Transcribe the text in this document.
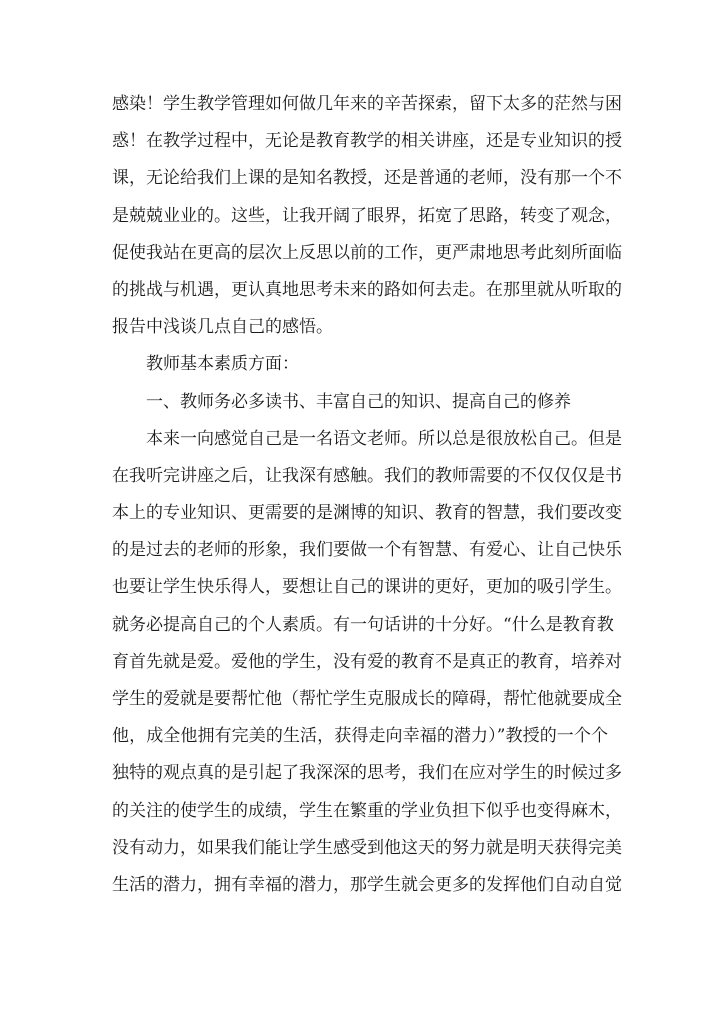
感染！学生教学管理如何做几年来的辛苦探索，留下太多的茫然与困
惑！在教学过程中，无论是教育教学的相关讲座，还是专业知识的授
课，无论给我们上课的是知名教授，还是普通的老师，没有那一个不
是兢兢业业的。这些，让我开阔了眼界，拓宽了思路，转变了观念，
促使我站在更高的层次上反思以前的工作，更严肃地思考此刻所面临
的挑战与机遇，更认真地思考未来的路如何去走。在那里就从听取的
报告中浅谈几点自己的感悟。
　　教师基本素质方面：
　　一、教师务必多读书、丰富自己的知识、提高自己的修养
　　本来一向感觉自己是一名语文老师。所以总是很放松自己。但是
在我听完讲座之后，让我深有感触。我们的教师需要的不仅仅仅是书
本上的专业知识、更需要的是渊博的知识、教育的智慧，我们要改变
的是过去的老师的形象，我们要做一个有智慧、有爱心、让自己快乐
也要让学生快乐得人，要想让自己的课讲的更好，更加的吸引学生。
就务必提高自己的个人素质。有一句话讲的十分好。“什么是教育教
育首先就是爱。爱他的学生，没有爱的教育不是真正的教育，培养对
学生的爱就是要帮忙他（帮忙学生克服成长的障碍，帮忙他就要成全
他，成全他拥有完美的生活，获得走向幸福的潜力）”教授的一个个
独特的观点真的是引起了我深深的思考，我们在应对学生的时候过多
的关注的使学生的成绩，学生在繁重的学业负担下似乎也变得麻木，
没有动力，如果我们能让学生感受到他这天的努力就是明天获得完美
生活的潜力，拥有幸福的潜力，那学生就会更多的发挥他们自动自觉
